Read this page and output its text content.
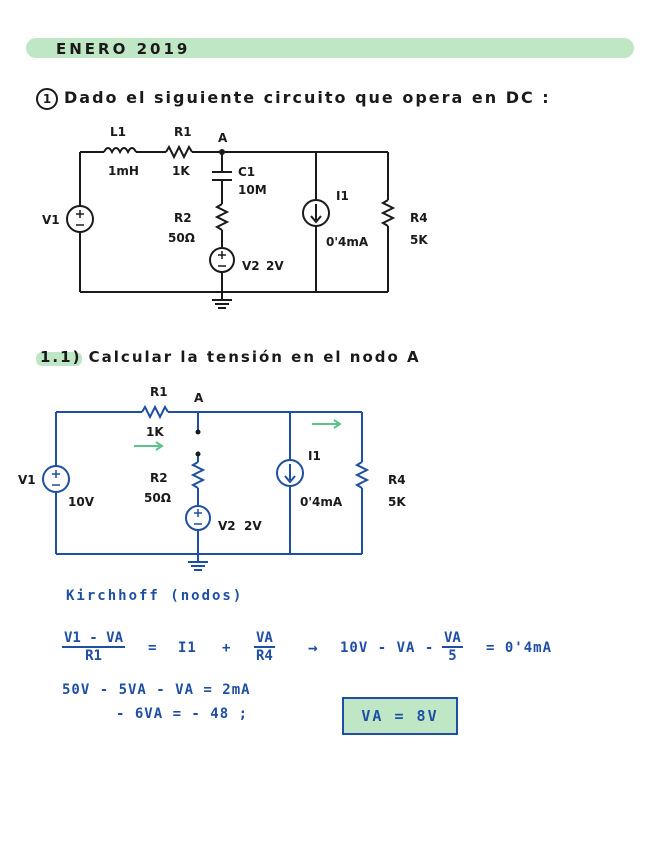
ENERO 2019
1 Dado el siguiente circuito que opera en DC :
L1
1mH
R1
1K
A
C1
10M
R2
50Ω
V2 2V
V1
I1
0'4mA
R4
5K
R1
1K
A
R2
50Ω
V2 2V
V1
10V
I1
0'4mA
R4
5K
1.1) Calcular la tensión en el nodo A
Kirchhoff (nodos)
$\frac{V1 - VA}{R1} = I1 + \frac{VA}{R4} \to 10V$ - VA - $\frac{VA}{5} = 0'4mA$
50V - 5VA - VA = 2mA
- 6VA = - 48 ;	VA = 8V
